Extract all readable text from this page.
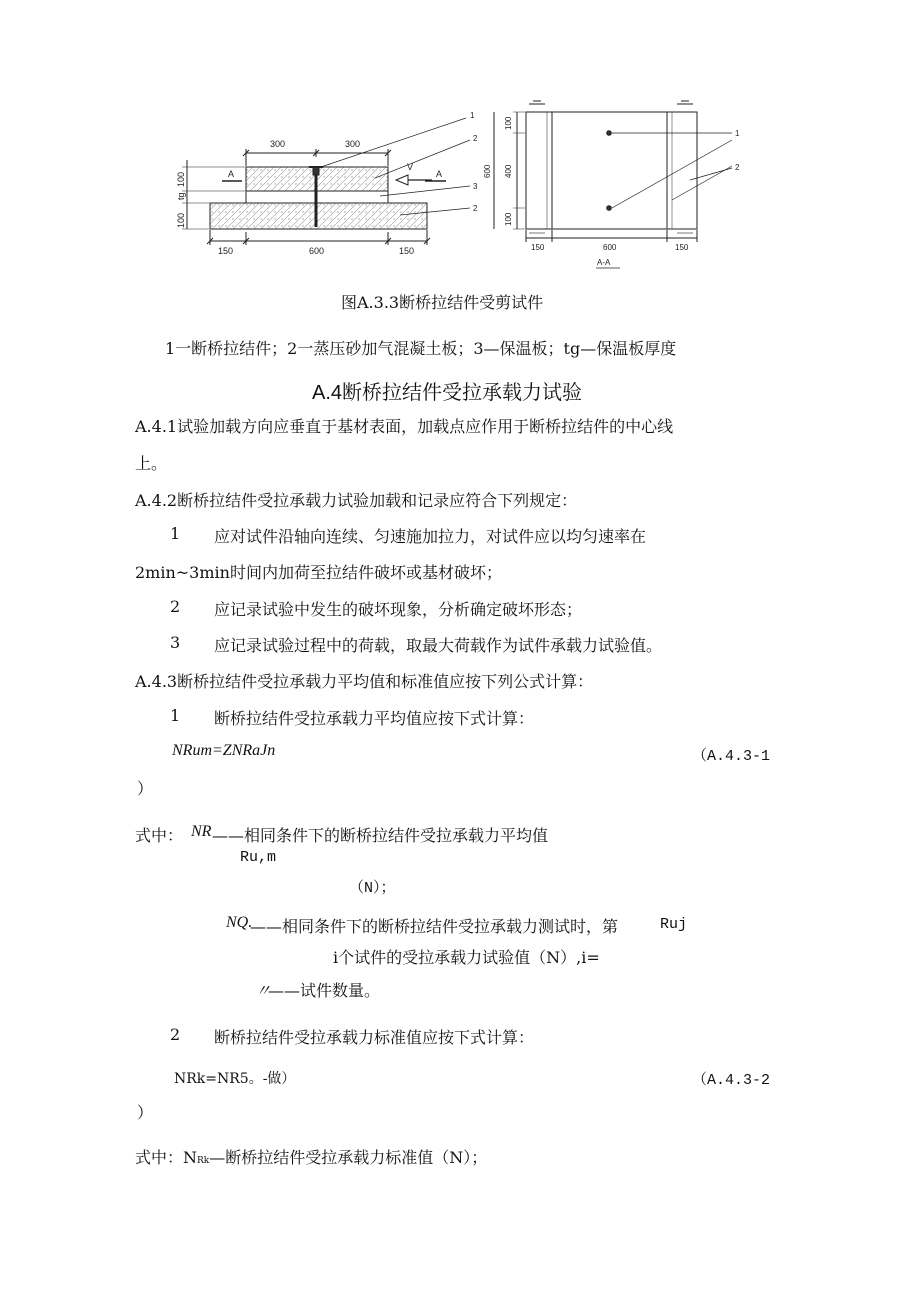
300	300
150	600	150
100
tg
100	A	A
V
1
2
3
2
100
400
100
600
150	600	150
A-A
1
2
图A.3.3断桥拉结件受剪试件
1一断桥拉结件；2一蒸压砂加气混凝土板；3—保温板；tg—保温板厚度
A.4断桥拉结件受拉承载力试验
A.4.1试验加载方向应垂直于基材表面，加载点应作用于断桥拉结件的中心线
上。
A.4.2断桥拉结件受拉承载力试验加载和记录应符合下列规定：
1 应对试件沿轴向连续、匀速施加拉力，对试件应以均匀速率在
2min~3min时间内加荷至拉结件破坏或基材破坏；
2 应记录试验中发生的破坏现象，分析确定破坏形态；
3 应记录试验过程中的荷载，取最大荷载作为试件承载力试验值。
A.4.3断桥拉结件受拉承载力平均值和标准值应按下列公式计算：
1 断桥拉结件受拉承载力平均值应按下式计算：
NRum=ZNRaJn	（A.4.3-1
）
式中： NR ——相同条件下的断桥拉结件受拉承载力平均值
Ru,m
（N）；
NQ.
——相同条件下的断桥拉结件受拉承载力测试时，第	Ruj
i个试件的受拉承载力试验值（N）,i=
〃
——试件数量。
2 断桥拉结件受拉承载力标准值应按下式计算：
NRk=NR5。-做）	（A.4.3-2
）
式中：NRk—断桥拉结件受拉承载力标准值（N）；
